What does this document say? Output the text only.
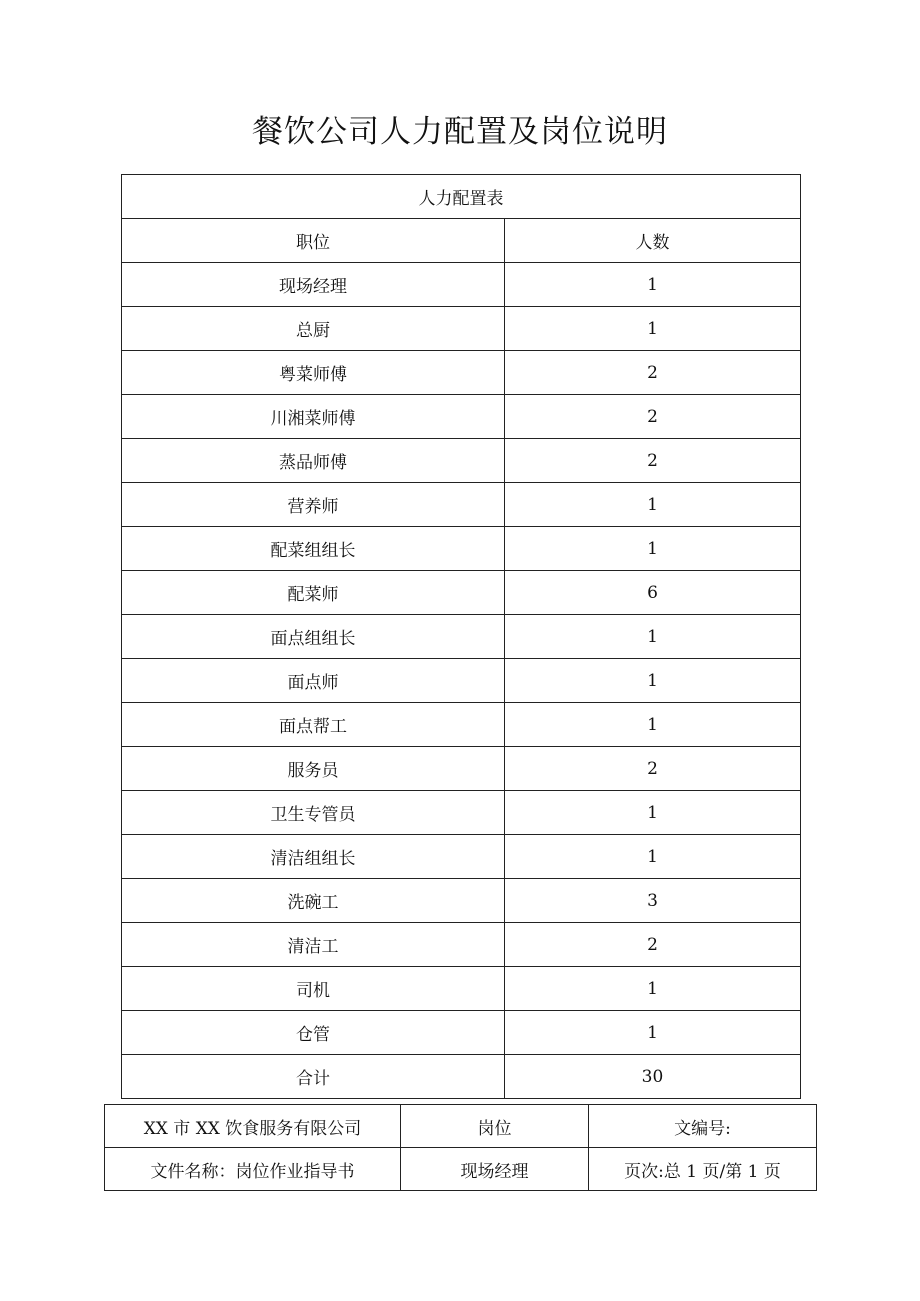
餐饮公司人力配置及岗位说明
人力配置表	
职位	人数
现场经理	1
总厨	1
粤菜师傅	2
川湘菜师傅	2
蒸品师傅	2
营养师	1
配菜组组长	1
配菜师	6
面点组组长	1
面点师	1
面点帮工	1
服务员	2
卫生专管员	1
清洁组组长	1
洗碗工	3
清洁工	2
司机	1
仓管	1
合计	30
XX 市 XX 饮食服务有限公司	岗位	文编号:
文件名称：岗位作业指导书	现场经理	页次:总 1 页/第 1 页
